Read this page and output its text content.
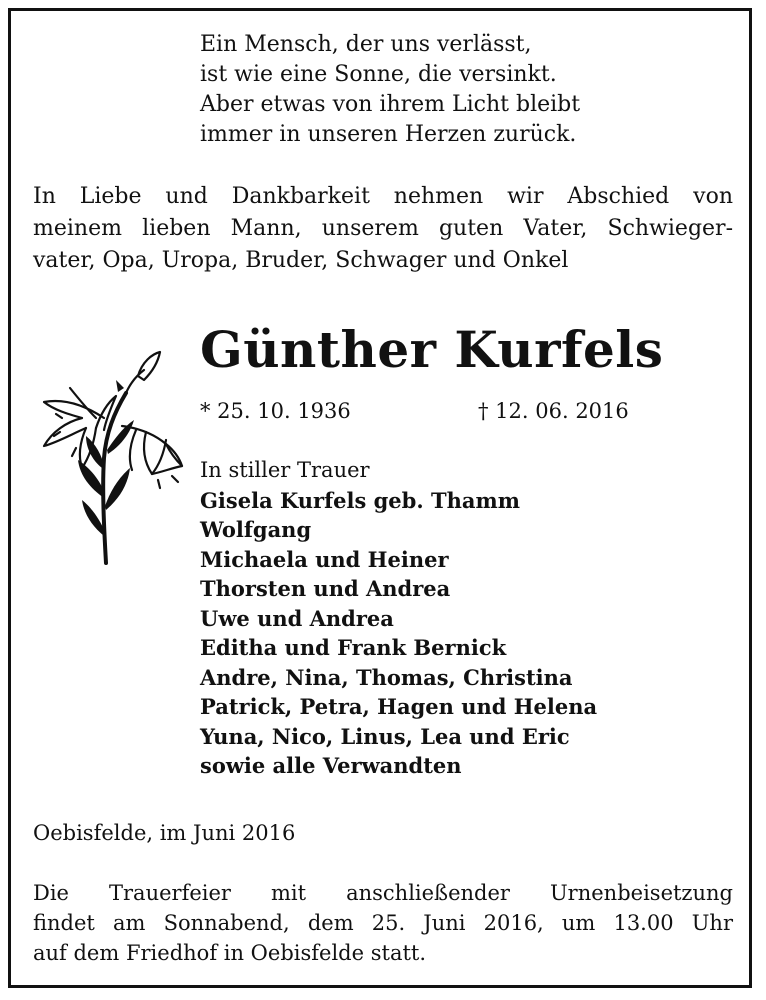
Ein Mensch, der uns verlässt,
ist wie eine Sonne, die versinkt.
Aber etwas von ihrem Licht bleibt
immer in unseren Herzen zurück.
In Liebe und Dankbarkeit nehmen wir Abschied von
meinem lieben Mann, unserem guten Vater, Schwieger-
vater, Opa, Uropa, Bruder, Schwager und Onkel
Günther Kurfels
* 25. 10. 1936	† 12. 06. 2016
In stiller Trauer
Gisela Kurfels geb. Thamm
Wolfgang
Michaela und Heiner
Thorsten und Andrea
Uwe und Andrea
Editha und Frank Bernick
Andre, Nina, Thomas, Christina
Patrick, Petra, Hagen und Helena
Yuna, Nico, Linus, Lea und Eric
sowie alle Verwandten
Oebisfelde, im Juni 2016
Die Trauerfeier mit anschließender Urnenbeisetzung
findet am Sonnabend, dem 25. Juni 2016, um 13.00 Uhr
auf dem Friedhof in Oebisfelde statt.
